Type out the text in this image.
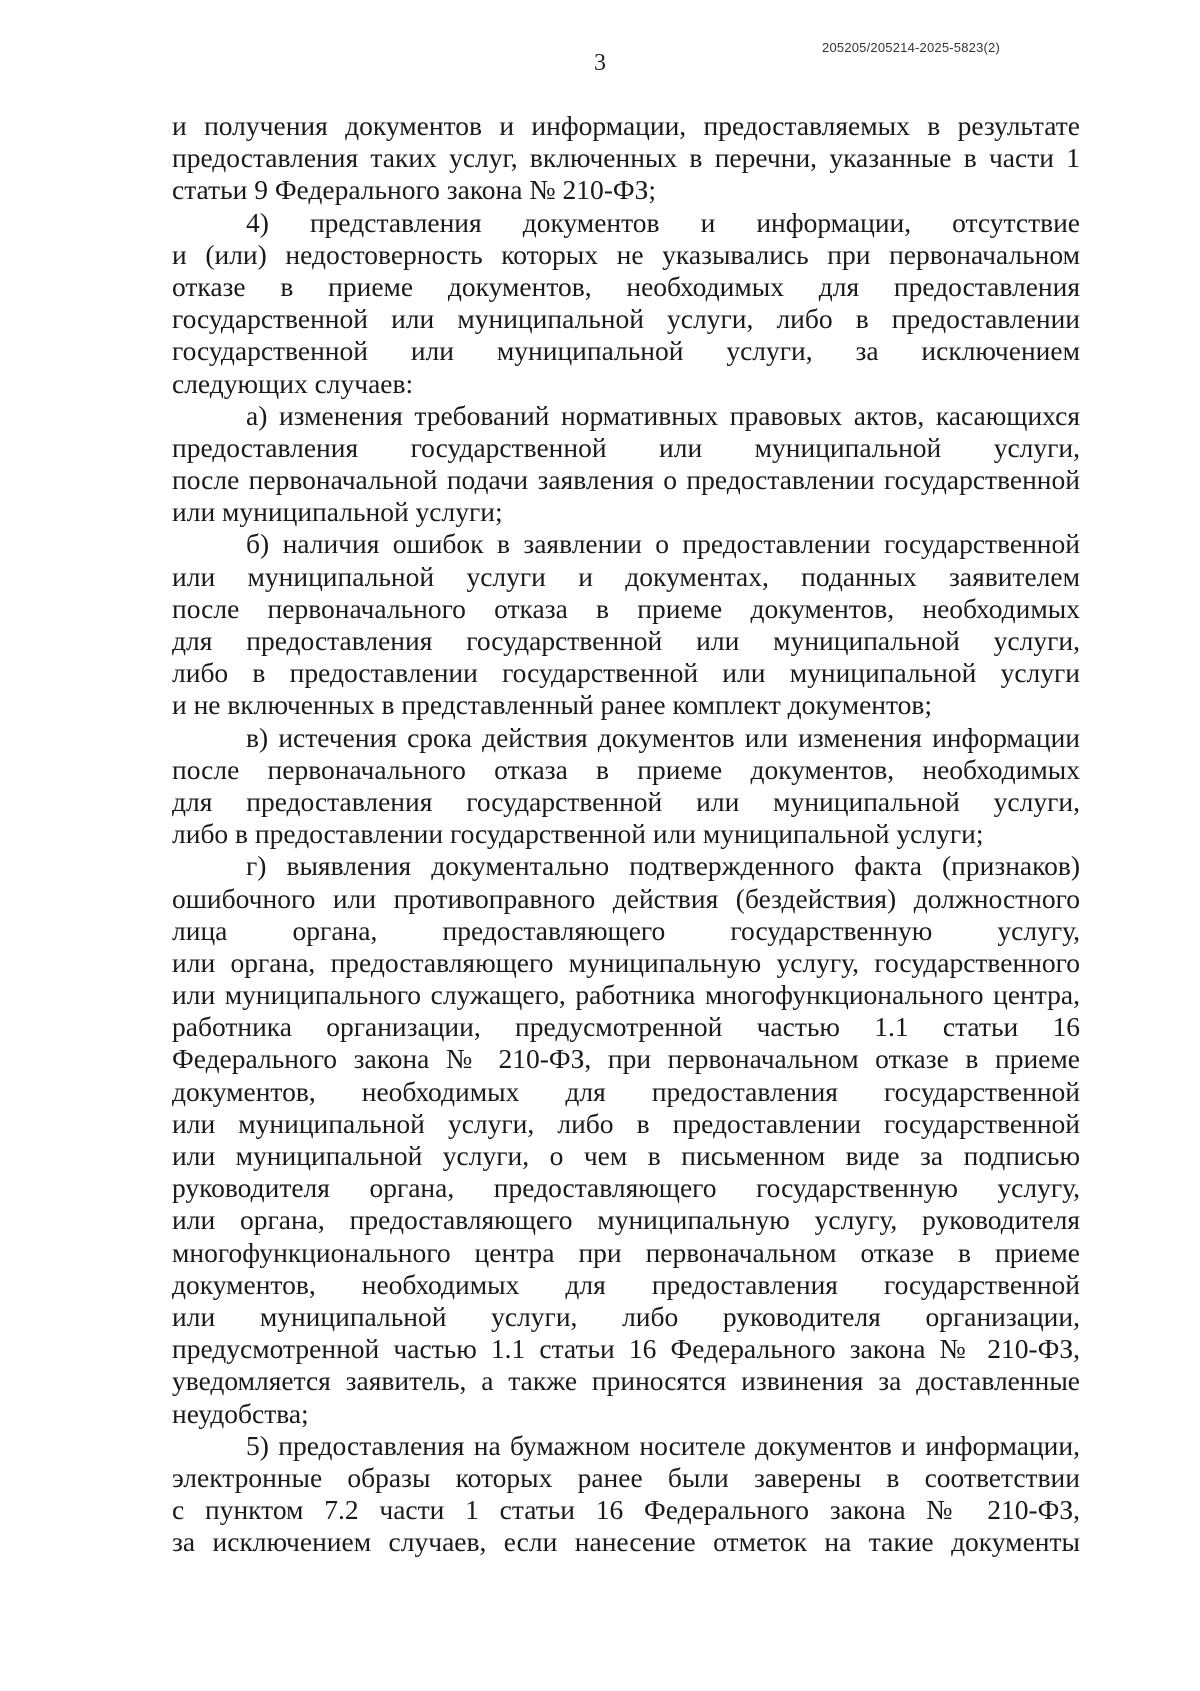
205205/205214-2025-5823(2)
3
и получения документов и информации, предоставляемых в результате
предоставления таких услуг, включенных в перечни, указанные в части 1
статьи 9 Федерального закона № 210-ФЗ;
4) представления документов и информации, отсутствие
и (или) недостоверность которых не указывались при первоначальном
отказе в приеме документов, необходимых для предоставления
государственной или муниципальной услуги, либо в предоставлении
государственной или муниципальной услуги, за исключением
следующих случаев:
а) изменения требований нормативных правовых актов, касающихся
предоставления государственной или муниципальной услуги,
после первоначальной подачи заявления о предоставлении государственной
или муниципальной услуги;
б) наличия ошибок в заявлении о предоставлении государственной
или муниципальной услуги и документах, поданных заявителем
после первоначального отказа в приеме документов, необходимых
для предоставления государственной или муниципальной услуги,
либо в предоставлении государственной или муниципальной услуги
и не включенных в представленный ранее комплект документов;
в) истечения срока действия документов или изменения информации
после первоначального отказа в приеме документов, необходимых
для предоставления государственной или муниципальной услуги,
либо в предоставлении государственной или муниципальной услуги;
г) выявления документально подтвержденного факта (признаков)
ошибочного или противоправного действия (бездействия) должностного
лица органа, предоставляющего государственную услугу,
или органа, предоставляющего муниципальную услугу, государственного
или муниципального служащего, работника многофункционального центра,
работника организации, предусмотренной частью 1.1 статьи 16
Федерального закона № 210-ФЗ, при первоначальном отказе в приеме
документов, необходимых для предоставления государственной
или муниципальной услуги, либо в предоставлении государственной
или муниципальной услуги, о чем в письменном виде за подписью
руководителя органа, предоставляющего государственную услугу,
или органа, предоставляющего муниципальную услугу, руководителя
многофункционального центра при первоначальном отказе в приеме
документов, необходимых для предоставления государственной
или муниципальной услуги, либо руководителя организации,
предусмотренной частью 1.1 статьи 16 Федерального закона № 210-ФЗ,
уведомляется заявитель, а также приносятся извинения за доставленные
неудобства;
5) предоставления на бумажном носителе документов и информации,
электронные образы которых ранее были заверены в соответствии
с пунктом 7.2 части 1 статьи 16 Федерального закона № 210-ФЗ,
за исключением случаев, если нанесение отметок на такие документы
